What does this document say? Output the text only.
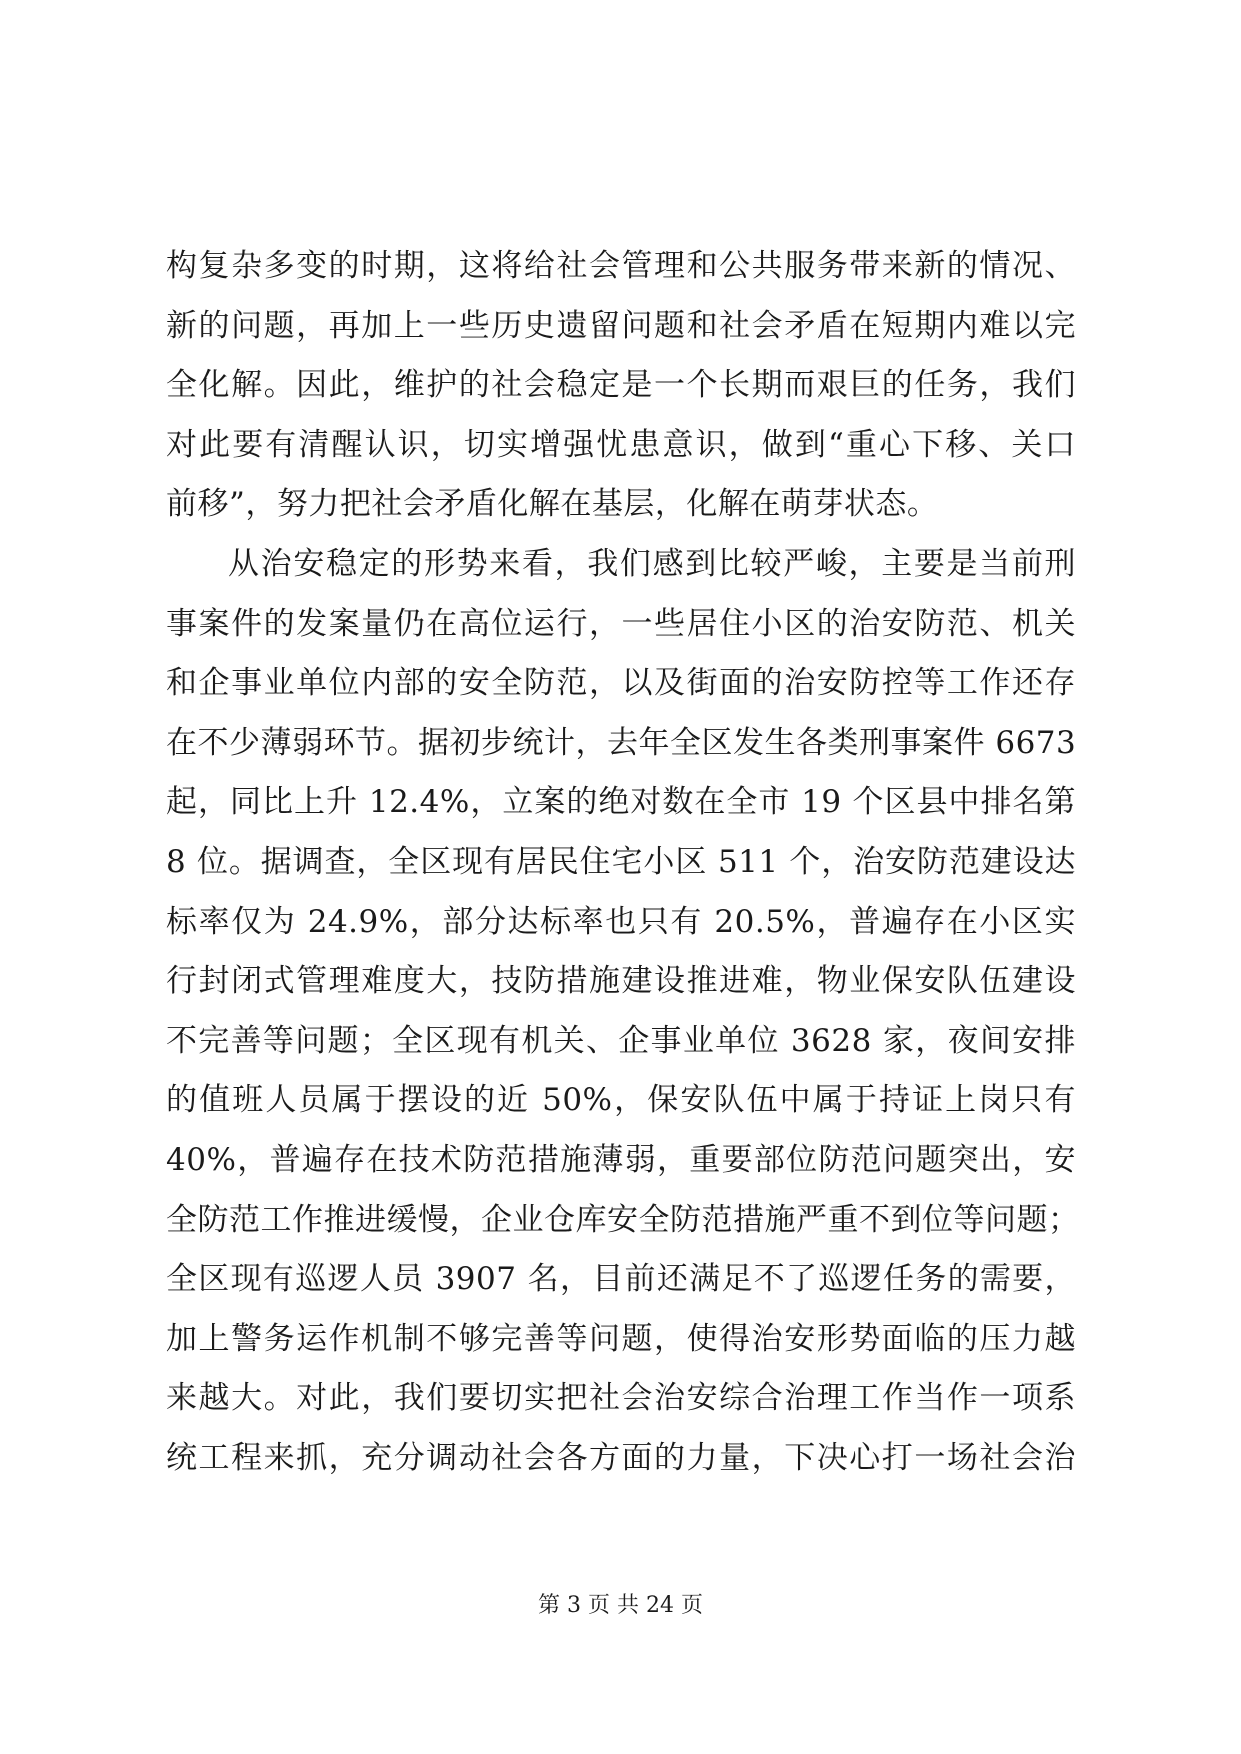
构复杂多变的时期，这将给社会管理和公共服务带来新的情况、
新的问题，再加上一些历史遗留问题和社会矛盾在短期内难以完
全化解。因此，维护的社会稳定是一个长期而艰巨的任务，我们
对此要有清醒认识，切实增强忧患意识，做到“重心下移、关口
前移”，努力把社会矛盾化解在基层，化解在萌芽状态。
从治安稳定的形势来看，我们感到比较严峻，主要是当前刑
事案件的发案量仍在高位运行，一些居住小区的治安防范、机关
和企事业单位内部的安全防范，以及街面的治安防控等工作还存
在不少薄弱环节。据初步统计，去年全区发生各类刑事案件 6673
起，同比上升 12.4%，立案的绝对数在全市 19 个区县中排名第
8 位。据调查，全区现有居民住宅小区 511 个，治安防范建设达
标率仅为 24.9%，部分达标率也只有 20.5%，普遍存在小区实
行封闭式管理难度大，技防措施建设推进难，物业保安队伍建设
不完善等问题；全区现有机关、企事业单位 3628 家，夜间安排
的值班人员属于摆设的近 50%，保安队伍中属于持证上岗只有
40%，普遍存在技术防范措施薄弱，重要部位防范问题突出，安
全防范工作推进缓慢，企业仓库安全防范措施严重不到位等问题；
全区现有巡逻人员 3907 名，目前还满足不了巡逻任务的需要，
加上警务运作机制不够完善等问题，使得治安形势面临的压力越
来越大。对此，我们要切实把社会治安综合治理工作当作一项系
统工程来抓，充分调动社会各方面的力量，下决心打一场社会治
第 3 页 共 24 页
